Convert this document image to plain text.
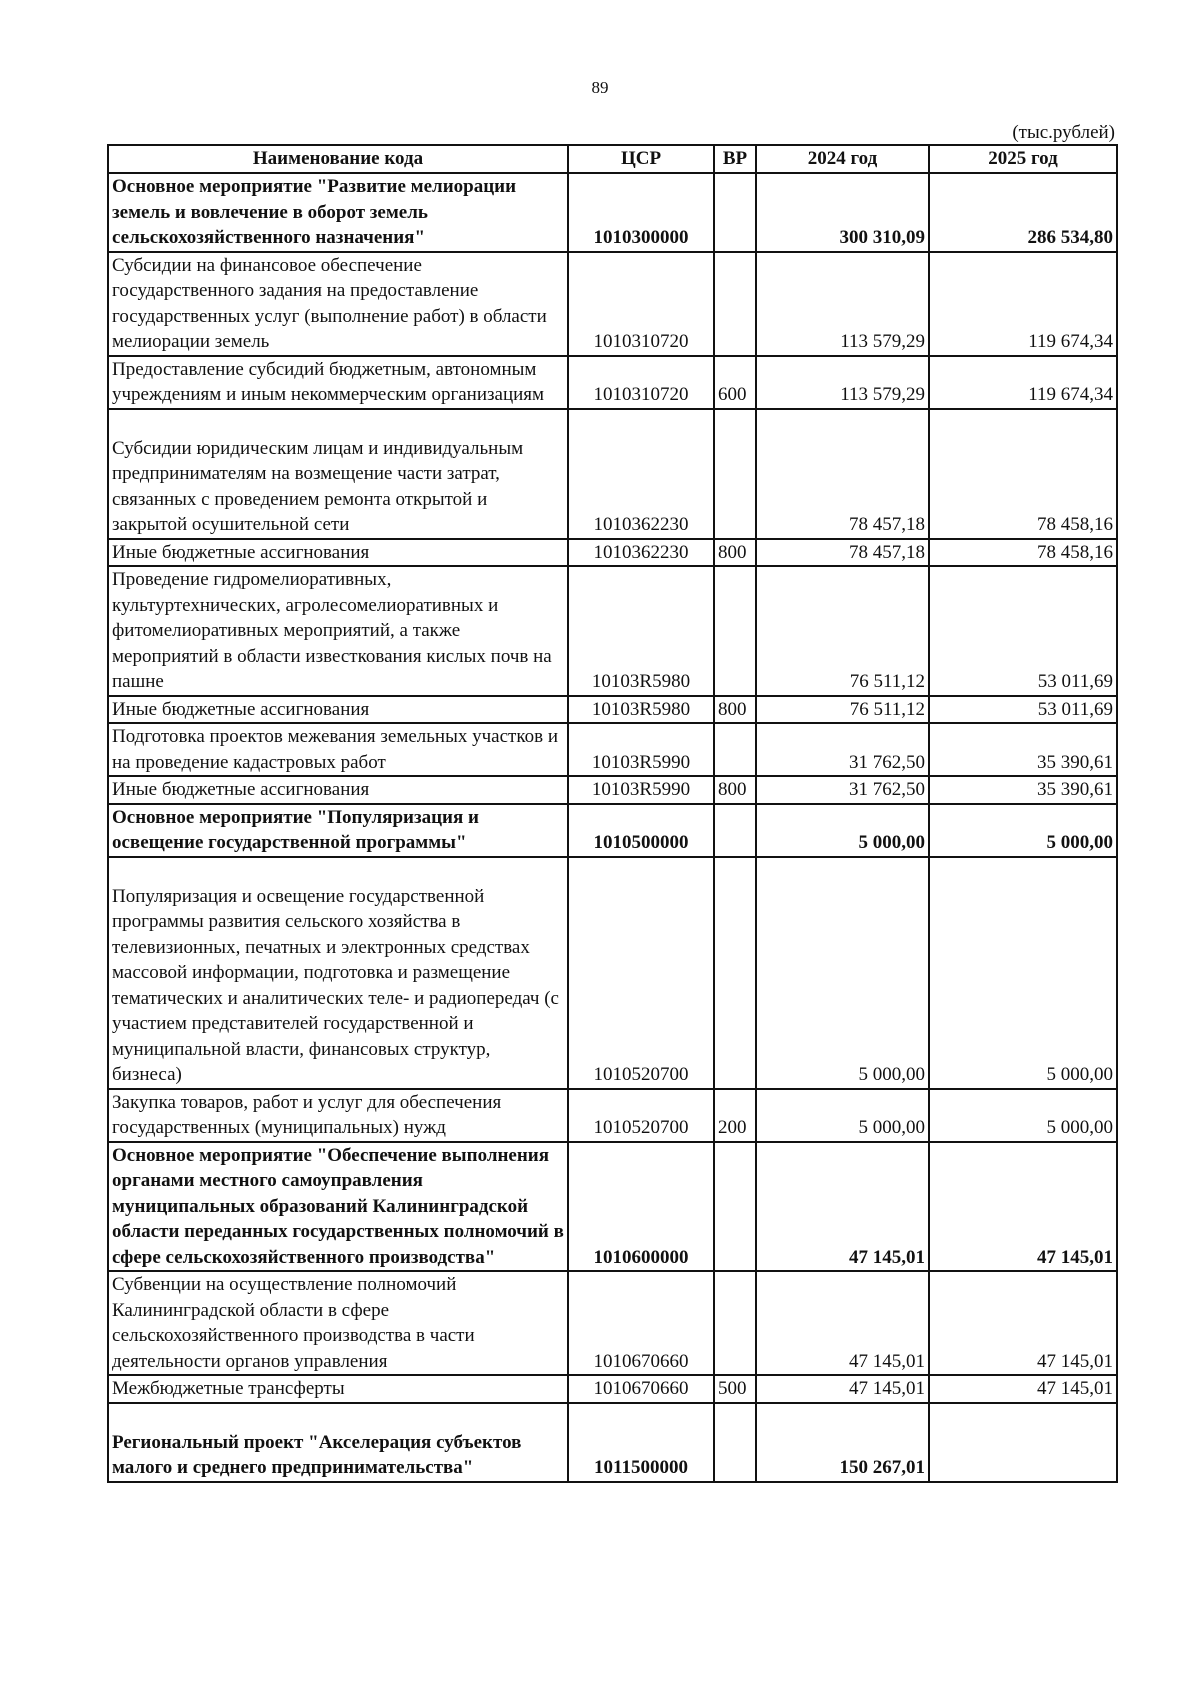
89
(тыс.рублей)
Наименование кода	ЦСР	ВР	2024 год	2025 год
Основное мероприятие "Развитие мелиорации земель и вовлечение в оборот земель сельскохозяйственного назначения"	1010300000		300 310,09	286 534,80
Субсидии на финансовое обеспечение государственного задания на предоставление государственных услуг (выполнение работ) в области мелиорации земель	1010310720		113 579,29	119 674,34
Предоставление субсидий бюджетным, автономным учреждениям и иным некоммерческим организациям	1010310720	600	113 579,29	119 674,34

Субсидии юридическим лицам и индивидуальным предпринимателям на возмещение части затрат, связанных с проведением ремонта открытой и закрытой осушительной сети	1010362230		78 457,18	78 458,16
Иные бюджетные ассигнования	1010362230	800	78 457,18	78 458,16
Проведение гидромелиоративных, культуртехнических, агролесомелиоративных и фитомелиоративных мероприятий, а также мероприятий в области известкования кислых почв на пашне	10103R5980		76 511,12	53 011,69
Иные бюджетные ассигнования	10103R5980	800	76 511,12	53 011,69
Подготовка проектов межевания земельных участков и на проведение кадастровых работ	10103R5990		31 762,50	35 390,61
Иные бюджетные ассигнования	10103R5990	800	31 762,50	35 390,61
Основное мероприятие "Популяризация и освещение государственной программы"	1010500000		5 000,00	5 000,00

Популяризация и освещение государственной программы развития сельского хозяйства в телевизионных, печатных и электронных средствах массовой информации, подготовка и размещение тематических и аналитических теле- и радиопередач (с участием представителей государственной и муниципальной власти, финансовых структур, бизнеса)	1010520700		5 000,00	5 000,00
Закупка товаров, работ и услуг для обеспечения государственных (муниципальных) нужд	1010520700	200	5 000,00	5 000,00
Основное мероприятие "Обеспечение выполнения органами местного самоуправления муниципальных образований Калининградской области переданных государственных полномочий в сфере сельскохозяйственного производства"	1010600000		47 145,01	47 145,01
Субвенции на осуществление полномочий Калининградской области в сфере сельскохозяйственного производства в части деятельности органов управления	1010670660		47 145,01	47 145,01
Межбюджетные трансферты	1010670660	500	47 145,01	47 145,01

Региональный проект "Акселерация субъектов малого и среднего предпринимательства"	1011500000		150 267,01	
